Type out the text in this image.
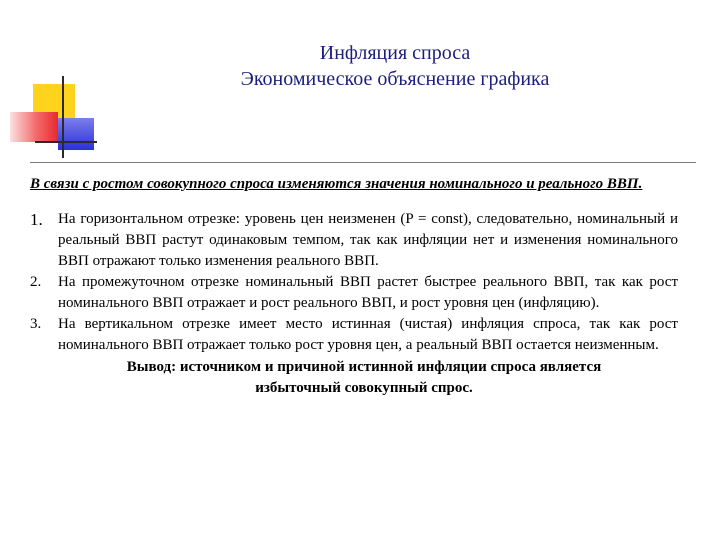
Инфляция спроса
Экономическое объяснение графика

В связи с ростом совокупного спроса изменяются значения номинального и реального ВВП.

1.	На горизонтальном отрезке: уровень цен неизменен (P = const), следовательно, номинальный и реальный ВВП растут одинаковым темпом, так как инфляции нет и изменения номинального ВВП отражают только изменения реального ВВП.
2.	На промежуточном отрезке номинальный ВВП растет быстрее реального ВВП, так как рост номинального ВВП отражает и рост реального ВВП, и рост уровня цен (инфляцию).
3.	На вертикальном отрезке имеет место истинная (чистая) инфляция спроса, так как рост номинального ВВП отражает только рост уровня цен, а реальный ВВП остается неизменным.
Вывод: источником и причиной истинной инфляции спроса является
избыточный совокупный спрос.
